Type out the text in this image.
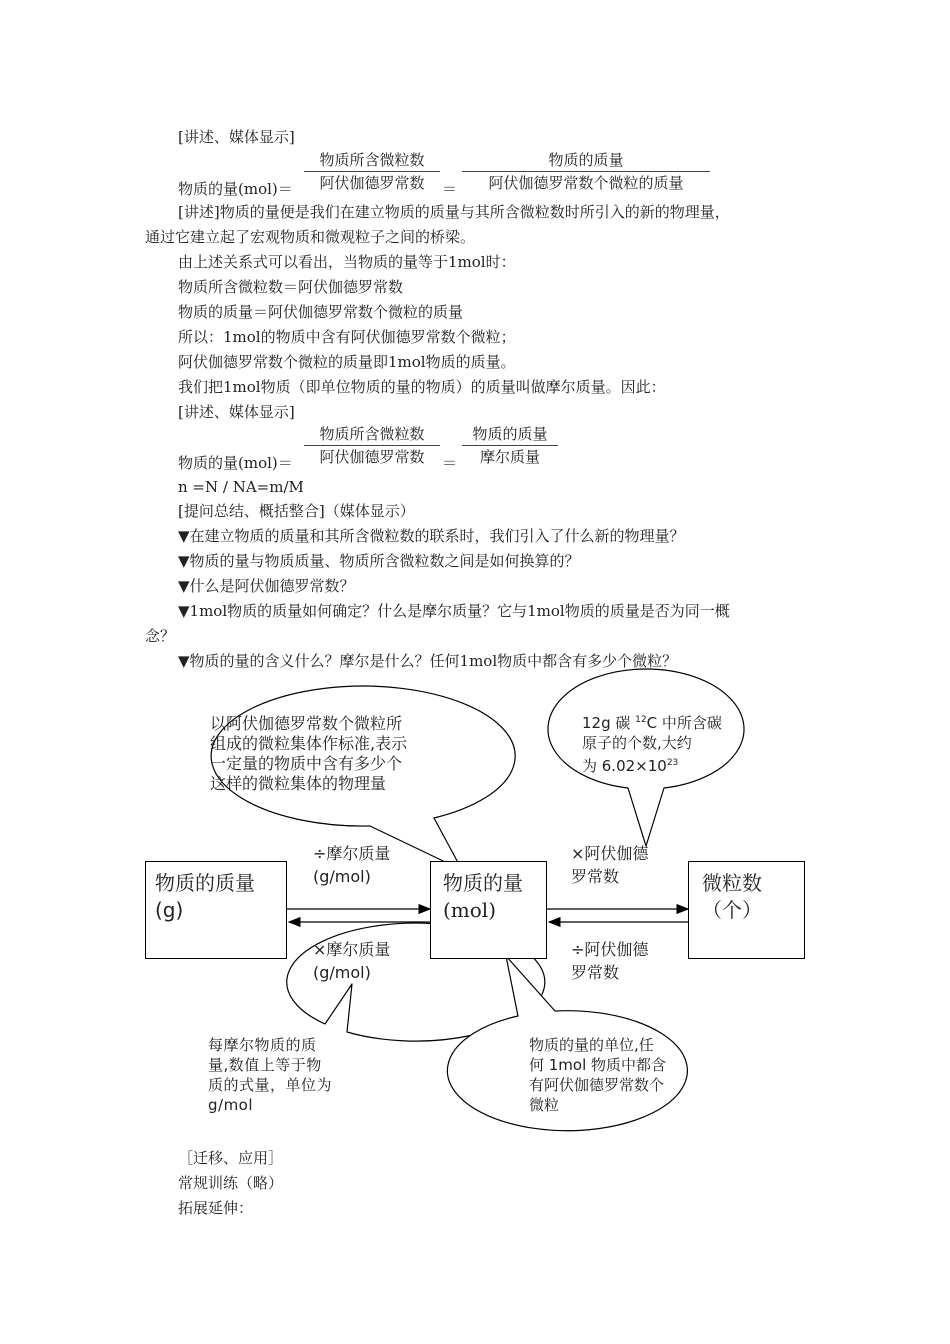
[讲述、媒体显示]
物质所含微粒数
阿伏伽德罗常数
物质的质量
阿伏伽德罗常数个微粒的质量
物质的量(mol)＝	＝
[讲述]物质的量便是我们在建立物质的质量与其所含微粒数时所引入的新的物理量，
通过它建立起了宏观物质和微观粒子之间的桥梁。
由上述关系式可以看出，当物质的量等于1mol时：
物质所含微粒数＝阿伏伽德罗常数
物质的质量＝阿伏伽德罗常数个微粒的质量
所以：1mol的物质中含有阿伏伽德罗常数个微粒；
阿伏伽德罗常数个微粒的质量即1mol物质的质量。
我们把1mol物质（即单位物质的量的物质）的质量叫做摩尔质量。因此：
[讲述、媒体显示]
物质所含微粒数
阿伏伽德罗常数
物质的质量
摩尔质量
物质的量(mol)＝	＝
n =N / NA=m/M
[提问总结、概括整合]（媒体显示）
▼在建立物质的质量和其所含微粒数的联系时，我们引入了什么新的物理量？
▼物质的量与物质质量、物质所含微粒数之间是如何换算的？
▼什么是阿伏伽德罗常数？
▼1mol物质的质量如何确定？什么是摩尔质量？它与1mol物质的质量是否为同一概
念？
▼物质的量的含义什么？摩尔是什么？任何1mol物质中都含有多少个微粒？
物质的质量
(g)
物质的量
(mol)
微粒数
（个）
÷摩尔质量
(g/mol)
×摩尔质量
(g/mol)
×阿伏伽德
罗常数
÷阿伏伽德
罗常数
以阿伏伽德罗常数个微粒所
组成的微粒集体作标准,表示
一定量的物质中含有多少个
这样的微粒集体的物理量
12g 碳 $^{12}$C 中所含碳
原子的个数,大约
为 $6.02\times 10^{23}$
每摩尔物质的质
量,数值上等于物
质的式量，单位为
g/mol
物质的量的单位,任
何 1mol 物质中都含
有阿伏伽德罗常数个
微粒
［迁移、应用］
常规训练（略）
拓展延伸：
